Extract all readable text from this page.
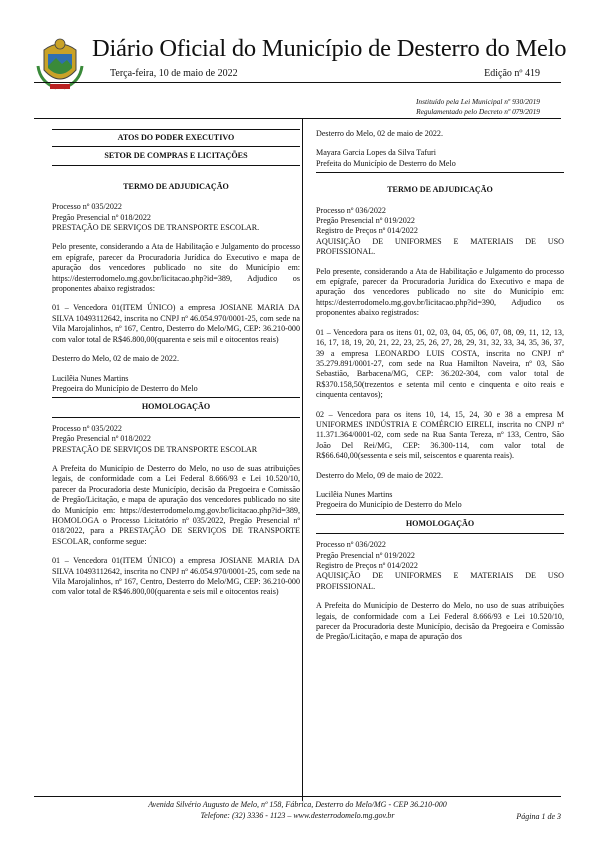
Diário Oficial do Município de Desterro do Melo
Terça-feira, 10 de maio de 2022	Edição nº 419
Instituído pela Lei Municipal nº 930/2019
Regulamentado pelo Decreto nº 079/2019
ATOS DO PODER EXECUTIVO
SETOR DE COMPRAS E LICITAÇÕES
TERMO DE ADJUDICAÇÃO
Processo nº 035/2022
Pregão Presencial nº 018/2022

PRESTAÇÃO DE SERVIÇOS DE TRANSPORTE ESCOLAR.

Pelo presente, considerando a Ata de Habilitação e Julgamento do processo em epígrafe, parecer da Procuradoria Jurídica do Executivo e mapa de apuração dos vencedores publicado no site do Município em: https://desterrodomelo.mg.gov.br/licitacao.php?id=389, Adjudico os proponentes abaixo registrados:

01 – Vencedora 01(ITEM ÚNICO) a empresa JOSIANE MARIA DA SILVA 10493112642, inscrita no CNPJ nº 46.054.970/0001-25, com sede na Vila Marojalinhos, nº 167, Centro, Desterro do Melo/MG, CEP: 36.210-000 com valor total de R$46.800,00(quarenta e seis mil e oitocentos reais)

Desterro do Melo, 02 de maio de 2022.

Lucilêia Nunes Martins
Pregoeira do Município de Desterro do Melo
HOMOLOGAÇÃO
Processo nº 035/2022
Pregão Presencial nº 018/2022

PRESTAÇÃO DE SERVIÇOS DE TRANSPORTE ESCOLAR

A Prefeita do Município de Desterro do Melo, no uso de suas atribuições legais, de conformidade com a Lei Federal 8.666/93 e Lei 10.520/10, parecer da Procuradoria deste Município, decisão da Pregoeira e Comissão de Pregão/Licitação, e mapa de apuração dos vencedores publicado no site do Município em: https://desterrodomelo.mg.gov.br/licitacao.php?id=389, HOMOLOGA o Processo Licitatório nº 035/2022, Pregão Presencial nº 018/2022, para a PRESTAÇÃO DE SERVIÇOS DE TRANSPORTE ESCOLAR, conforme segue:

01 – Vencedora 01(ITEM ÚNICO) a empresa JOSIANE MARIA DA SILVA 10493112642, inscrita no CNPJ nº 46.054.970/0001-25, com sede na Vila Marojalinhos, nº 167, Centro, Desterro do Melo/MG, CEP: 36.210-000 com valor total de R$46.800,00(quarenta e seis mil e oitocentos reais)

Desterro do Melo, 02 de maio de 2022.

Mayara Garcia Lopes da Silva Tafuri
Prefeita do Município de Desterro do Melo
TERMO DE ADJUDICAÇÃO
Processo nº 036/2022
Pregão Presencial nº 019/2022
Registro de Preços nº 014/2022

AQUISIÇÃO DE UNIFORMES E MATERIAIS DE USO PROFISSIONAL.

Pelo presente, considerando a Ata de Habilitação e Julgamento do processo em epígrafe, parecer da Procuradoria Jurídica do Executivo e mapa de apuração dos vencedores publicado no site do Município em: https://desterrodomelo.mg.gov.br/licitacao.php?id=390, Adjudico os proponentes abaixo registrados:

01 – Vencedora para os itens 01, 02, 03, 04, 05, 06, 07, 08, 09, 11, 12, 13, 16, 17, 18, 19, 20, 21, 22, 23, 25, 26, 27, 28, 29, 31, 32, 33, 34, 35, 36, 37, 39 a empresa LEONARDO LUIS COSTA, inscrita no CNPJ nº 35.279.891/0001-27, com sede na Rua Hamilton Naveira, nº 03, São Sebastião, Barbacena/MG, CEP: 36.202-304, com valor total de R$370.158,50(trezentos e setenta mil cento e cinquenta e oito reais e cinquenta centavos);

02 – Vencedora para os itens 10, 14, 15, 24, 30 e 38 a empresa M UNIFORMES INDÚSTRIA E COMÉRCIO EIRELI, inscrita no CNPJ nº 11.371.364/0001-02, com sede na Rua Santa Tereza, nº 133, Centro, São João Del Rei/MG, CEP: 36.300-114, com valor total de R$66.640,00(sessenta e seis mil, seiscentos e quarenta reais).

Desterro do Melo, 09 de maio de 2022.

Lucilêia Nunes Martins
Pregoeira do Município de Desterro do Melo
HOMOLOGAÇÃO
Processo nº 036/2022
Pregão Presencial nº 019/2022
Registro de Preços nº 014/2022

AQUISIÇÃO DE UNIFORMES E MATERIAIS DE USO PROFISSIONAL.

A Prefeita do Município de Desterro do Melo, no uso de suas atribuições legais, de conformidade com a Lei Federal 8.666/93 e Lei 10.520/10, parecer da Procuradoria deste Município, decisão da Pregoeira e Comissão de Pregão/Licitação, e mapa de apuração dos

Avenida Silvério Augusto de Melo, nº 158, Fábrica, Desterro do Melo/MG - CEP 36.210-000
Telefone: (32) 3336 - 1123 – www.desterrodomelo.mg.gov.br	Página 1 de 3
